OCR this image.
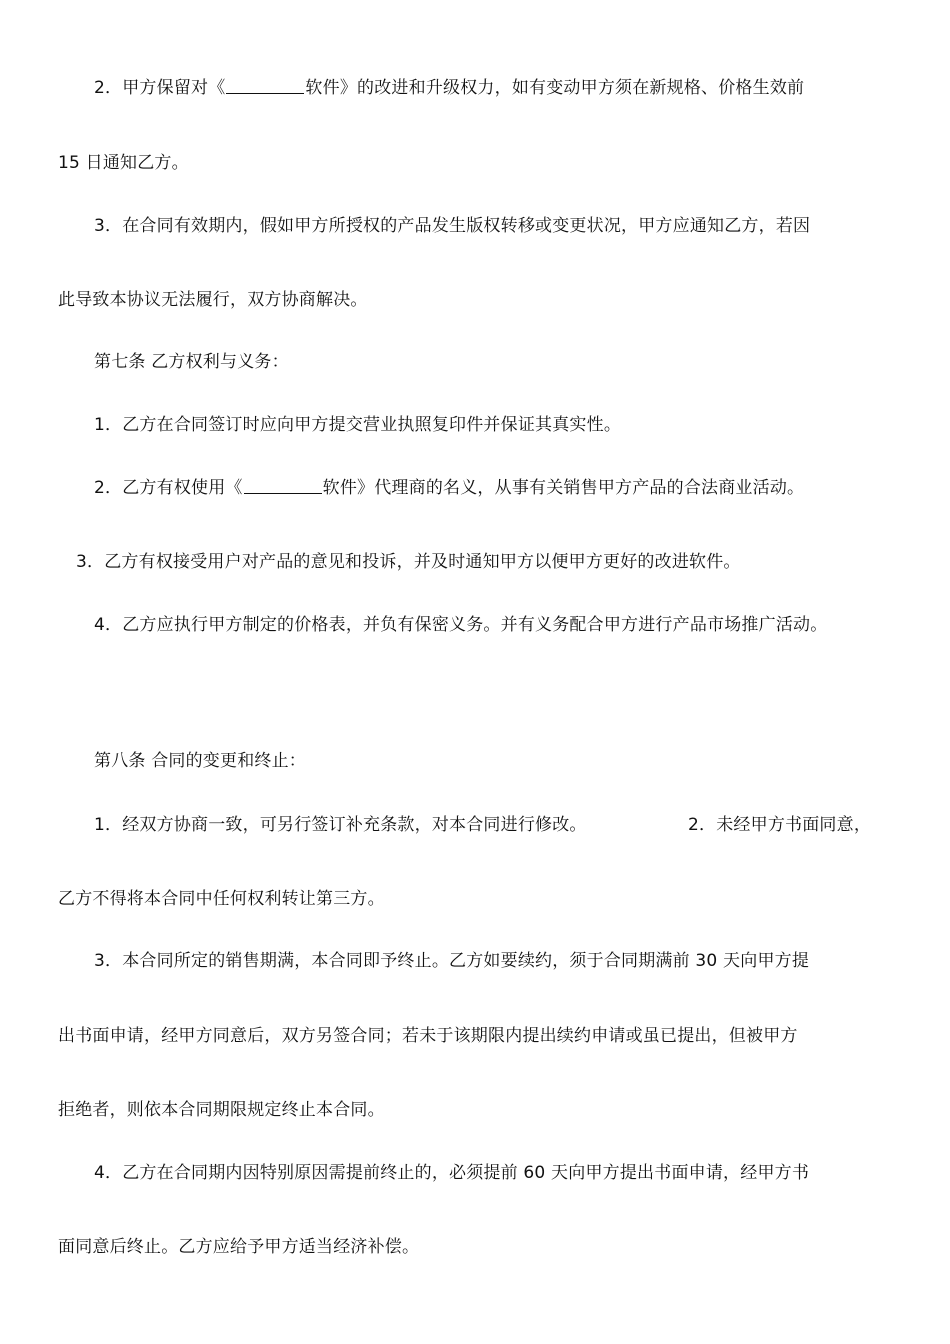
2．甲方保留对《	软件》的改进和升级权力，如有变动甲方须在新规格、价格生效前
15 日通知乙方。
3．在合同有效期内，假如甲方所授权的产品发生版权转移或变更状况，甲方应通知乙方，若因
此导致本协议无法履行，双方协商解决。
第七条 乙方权利与义务：
1．乙方在合同签订时应向甲方提交营业执照复印件并保证其真实性。
2．乙方有权使用《	软件》代理商的名义，从事有关销售甲方产品的合法商业活动。
3．乙方有权接受用户对产品的意见和投诉，并及时通知甲方以便甲方更好的改进软件。
4．乙方应执行甲方制定的价格表，并负有保密义务。并有义务配合甲方进行产品市场推广活动。
第八条 合同的变更和终止：
1．经双方协商一致，可另行签订补充条款，对本合同进行修改。	2．未经甲方书面同意，
乙方不得将本合同中任何权利转让第三方。
3．本合同所定的销售期满，本合同即予终止。乙方如要续约，须于合同期满前 30 天向甲方提
出书面申请，经甲方同意后，双方另签合同；若未于该期限内提出续约申请或虽已提出，但被甲方
拒绝者，则依本合同期限规定终止本合同。
4．乙方在合同期内因特别原因需提前终止的，必须提前 60 天向甲方提出书面申请，经甲方书
面同意后终止。乙方应给予甲方适当经济补偿。
